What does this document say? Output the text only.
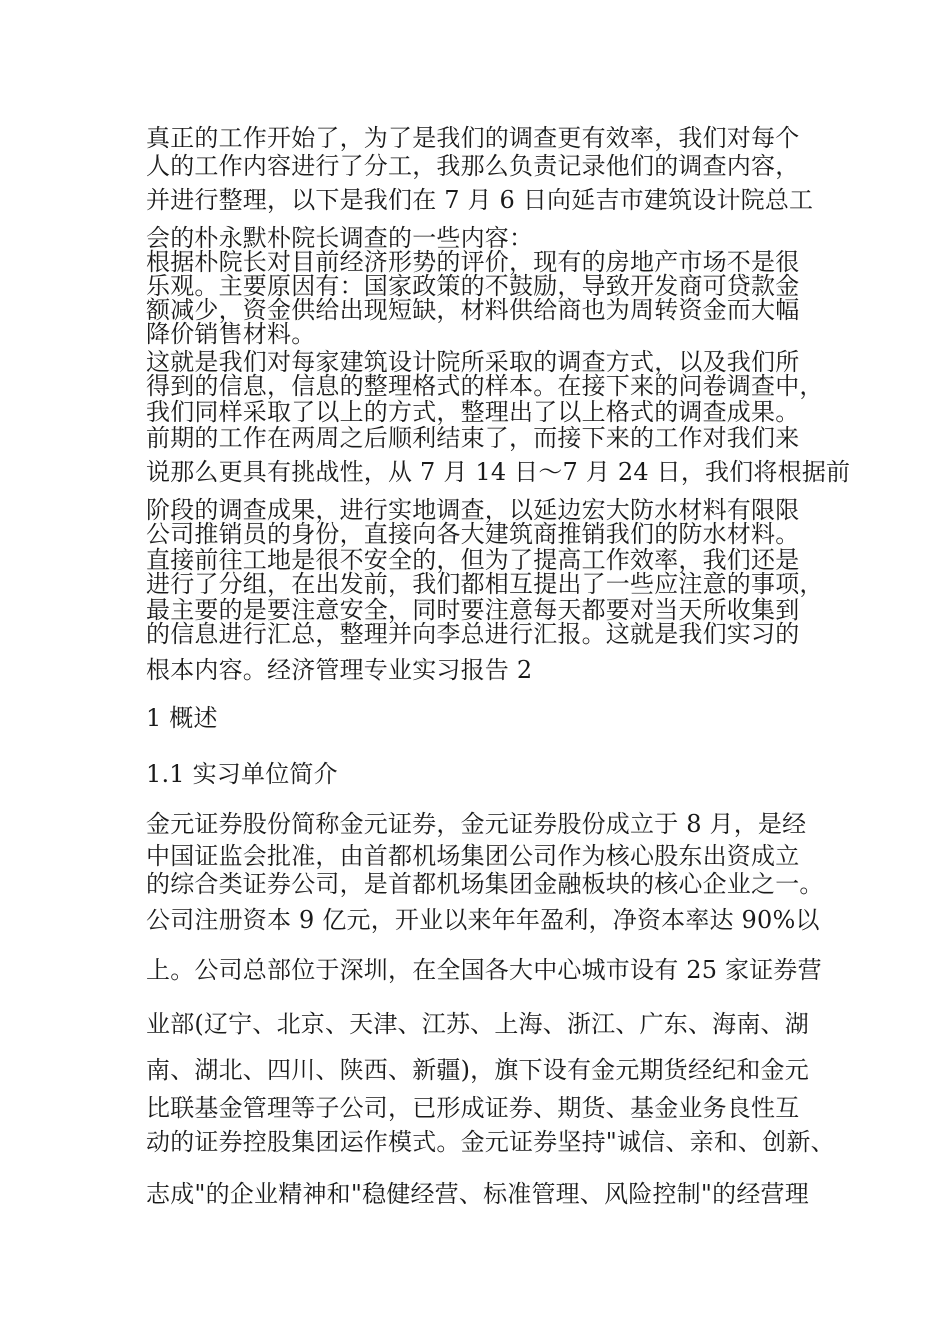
真正的工作开始了，为了是我们的调查更有效率，我们对每个
人的工作内容进行了分工，我那么负责记录他们的调查内容，
并进行整理，以下是我们在 7 月 6 日向延吉市建筑设计院总工
会的朴永默朴院长调查的一些内容：
根据朴院长对目前经济形势的评价，现有的房地产市场不是很
乐观。主要原因有：国家政策的不鼓励，导致开发商可贷款金
额减少，资金供给出现短缺，材料供给商也为周转资金而大幅
降价销售材料。
这就是我们对每家建筑设计院所采取的调查方式，以及我们所
得到的信息，信息的整理格式的样本。在接下来的问卷调查中，
我们同样采取了以上的方式，整理出了以上格式的调查成果。
前期的工作在两周之后顺利结束了，而接下来的工作对我们来
说那么更具有挑战性，从 7 月 14 日～7 月 24 日，我们将根据前
阶段的调查成果，进行实地调查，以延边宏大防水材料有限限
公司推销员的身份，直接向各大建筑商推销我们的防水材料。
直接前往工地是很不安全的，但为了提高工作效率，我们还是
进行了分组，在出发前，我们都相互提出了一些应注意的事项，
最主要的是要注意安全，同时要注意每天都要对当天所收集到
的信息进行汇总，整理并向李总进行汇报。这就是我们实习的
根本内容。经济管理专业实习报告 2
1 概述
1.1 实习单位简介
金元证券股份简称金元证券，金元证券股份成立于 8 月，是经
中国证监会批准，由首都机场集团公司作为核心股东出资成立
的综合类证券公司，是首都机场集团金融板块的核心企业之一。
公司注册资本 9 亿元，开业以来年年盈利，净资本率达 90%以
上。公司总部位于深圳，在全国各大中心城市设有 25 家证券营
业部(辽宁、北京、天津、江苏、上海、浙江、广东、海南、湖
南、湖北、四川、陕西、新疆)，旗下设有金元期货经纪和金元
比联基金管理等子公司，已形成证券、期货、基金业务良性互
动的证券控股集团运作模式。金元证券坚持"诚信、亲和、创新、
志成"的企业精神和"稳健经营、标准管理、风险控制"的经营理
